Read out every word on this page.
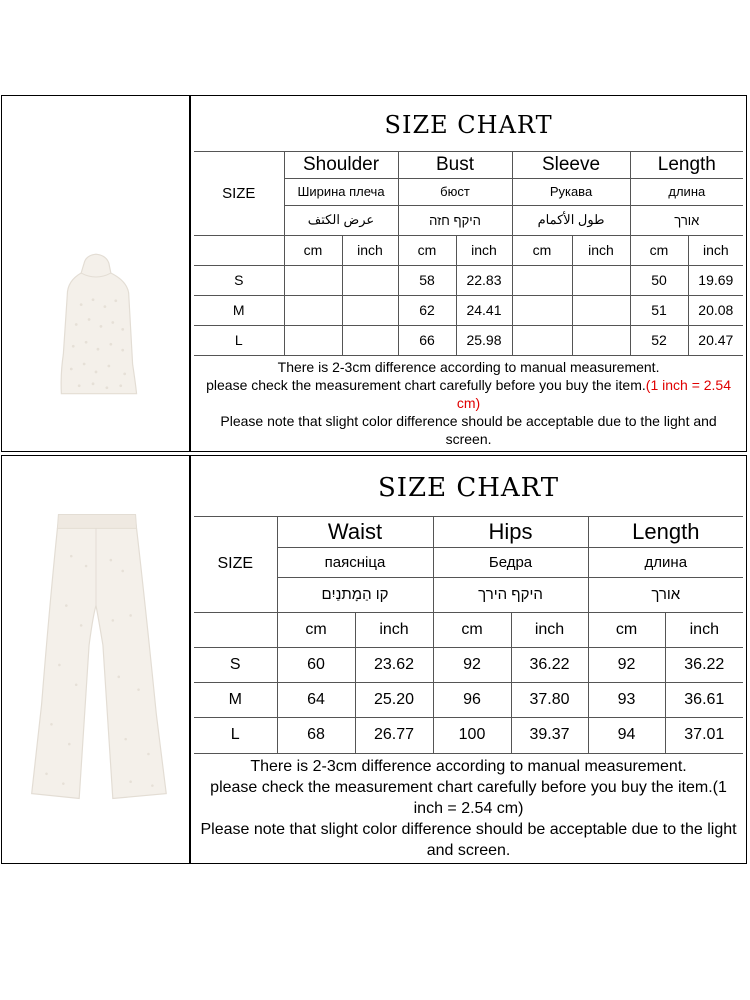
SIZE CHART								
SIZE	Shoulder		Bust		Sleeve		Length	
	Ширина плеча		бюст		Рукава		длина	
	عرض الكتف		היקף חזה		طول الأكمام		אורך	
	cm	inch	cm	inch	cm	inch	cm	inch
S			58	22.83			50	19.69
M			62	24.41			51	20.08
L			66	25.98			52	20.47

There is 2-3cm difference according to manual measurement.
please check the measurement chart carefully before you buy the item.(1 inch = 2.54 cm)
Please note that slight color difference should be acceptable due to the light and screen.								
SIZE CHART						
SIZE	Waist		Hips		Length	
	паясніца		Бедра		длина	
	קו הַמָתנַיִם		היקף הירך		אורך	
	cm	inch	cm	inch	cm	inch
S	60	23.62	92	36.22	92	36.22
M	64	25.20	96	37.80	93	36.61
L	68	26.77	100	39.37	94	37.01

There is 2-3cm difference according to manual measurement.
please check the measurement chart carefully before you buy the item.(1 inch = 2.54 cm)
Please note that slight color difference should be acceptable due to the light and screen.						
